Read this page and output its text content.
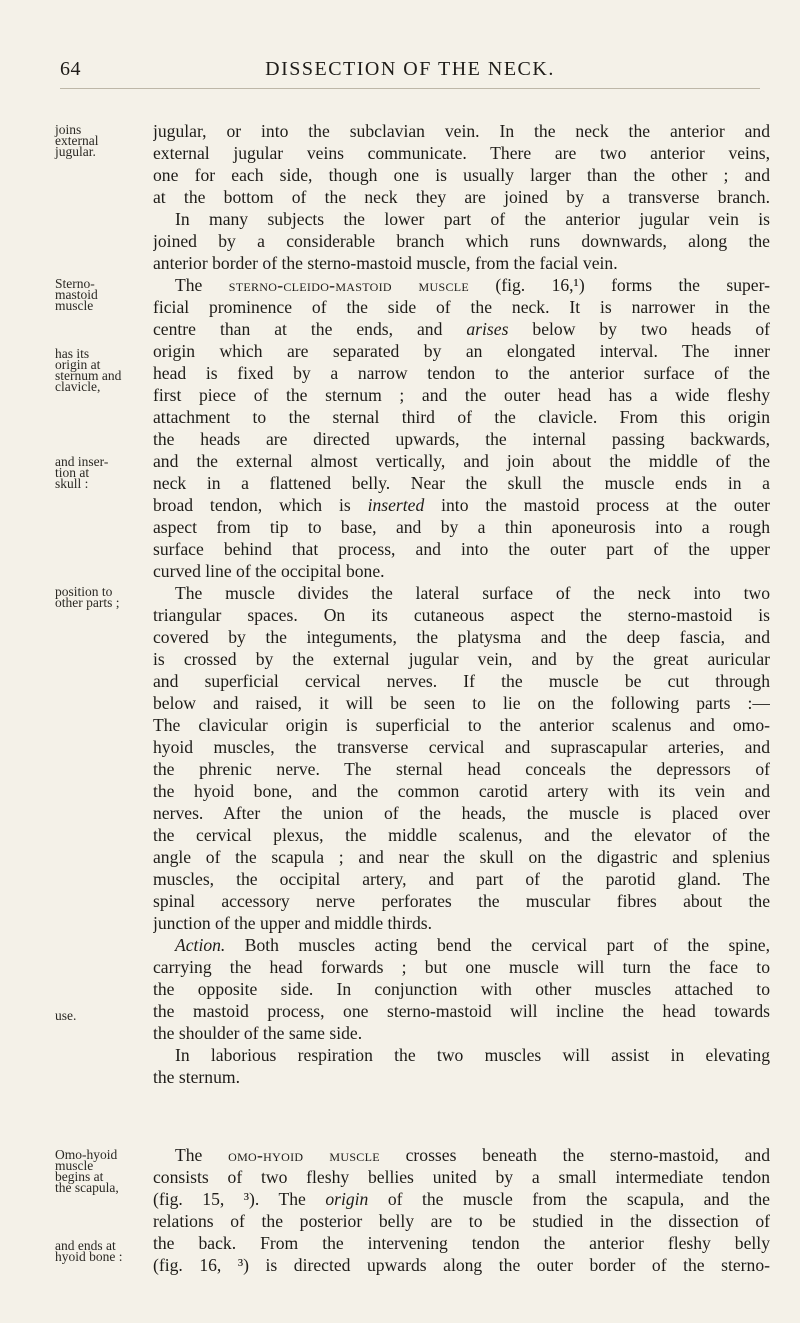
64	DISSECTION OF THE NECK.
joins
external
jugular.
Sterno-
mastoid
muscle
has its
origin at
sternum and
clavicle,
and inser-
tion at
skull :
position to
other parts ;
use.
Omo-hyoid
muscle
begins at
the scapula,
and ends at
hyoid bone :
jugular, or into the subclavian vein. In the neck the anterior and
external jugular veins communicate. There are two anterior veins,
one for each side, though one is usually larger than the other ; and
at the bottom of the neck they are joined by a transverse branch.
In many subjects the lower part of the anterior jugular vein is
joined by a considerable branch which runs downwards, along the
anterior border of the sterno-mastoid muscle, from the facial vein.
The sterno-cleido-mastoid muscle (fig. 16,¹) forms the super-
ficial prominence of the side of the neck. It is narrower in the
centre than at the ends, and arises below by two heads of
origin which are separated by an elongated interval. The inner
head is fixed by a narrow tendon to the anterior surface of the
first piece of the sternum ; and the outer head has a wide fleshy
attachment to the sternal third of the clavicle. From this origin
the heads are directed upwards, the internal passing backwards,
and the external almost vertically, and join about the middle of the
neck in a flattened belly. Near the skull the muscle ends in a
broad tendon, which is inserted into the mastoid process at the outer
aspect from tip to base, and by a thin aponeurosis into a rough
surface behind that process, and into the outer part of the upper
curved line of the occipital bone.
The muscle divides the lateral surface of the neck into two
triangular spaces. On its cutaneous aspect the sterno-mastoid is
covered by the integuments, the platysma and the deep fascia, and
is crossed by the external jugular vein, and by the great auricular
and superficial cervical nerves. If the muscle be cut through
below and raised, it will be seen to lie on the following parts :—
The clavicular origin is superficial to the anterior scalenus and omo-
hyoid muscles, the transverse cervical and suprascapular arteries, and
the phrenic nerve. The sternal head conceals the depressors of
the hyoid bone, and the common carotid artery with its vein and
nerves. After the union of the heads, the muscle is placed over
the cervical plexus, the middle scalenus, and the elevator of the
angle of the scapula ; and near the skull on the digastric and splenius
muscles, the occipital artery, and part of the parotid gland. The
spinal accessory nerve perforates the muscular fibres about the
junction of the upper and middle thirds.
Action. Both muscles acting bend the cervical part of the spine,
carrying the head forwards ; but one muscle will turn the face to
the opposite side. In conjunction with other muscles attached to
the mastoid process, one sterno-mastoid will incline the head towards
the shoulder of the same side.
In laborious respiration the two muscles will assist in elevating
the sternum.
The omo-hyoid muscle crosses beneath the sterno-mastoid, and
consists of two fleshy bellies united by a small intermediate tendon
(fig. 15, ³). The origin of the muscle from the scapula, and the
relations of the posterior belly are to be studied in the dissection of
the back. From the intervening tendon the anterior fleshy belly
(fig. 16, ³) is directed upwards along the outer border of the sterno-
